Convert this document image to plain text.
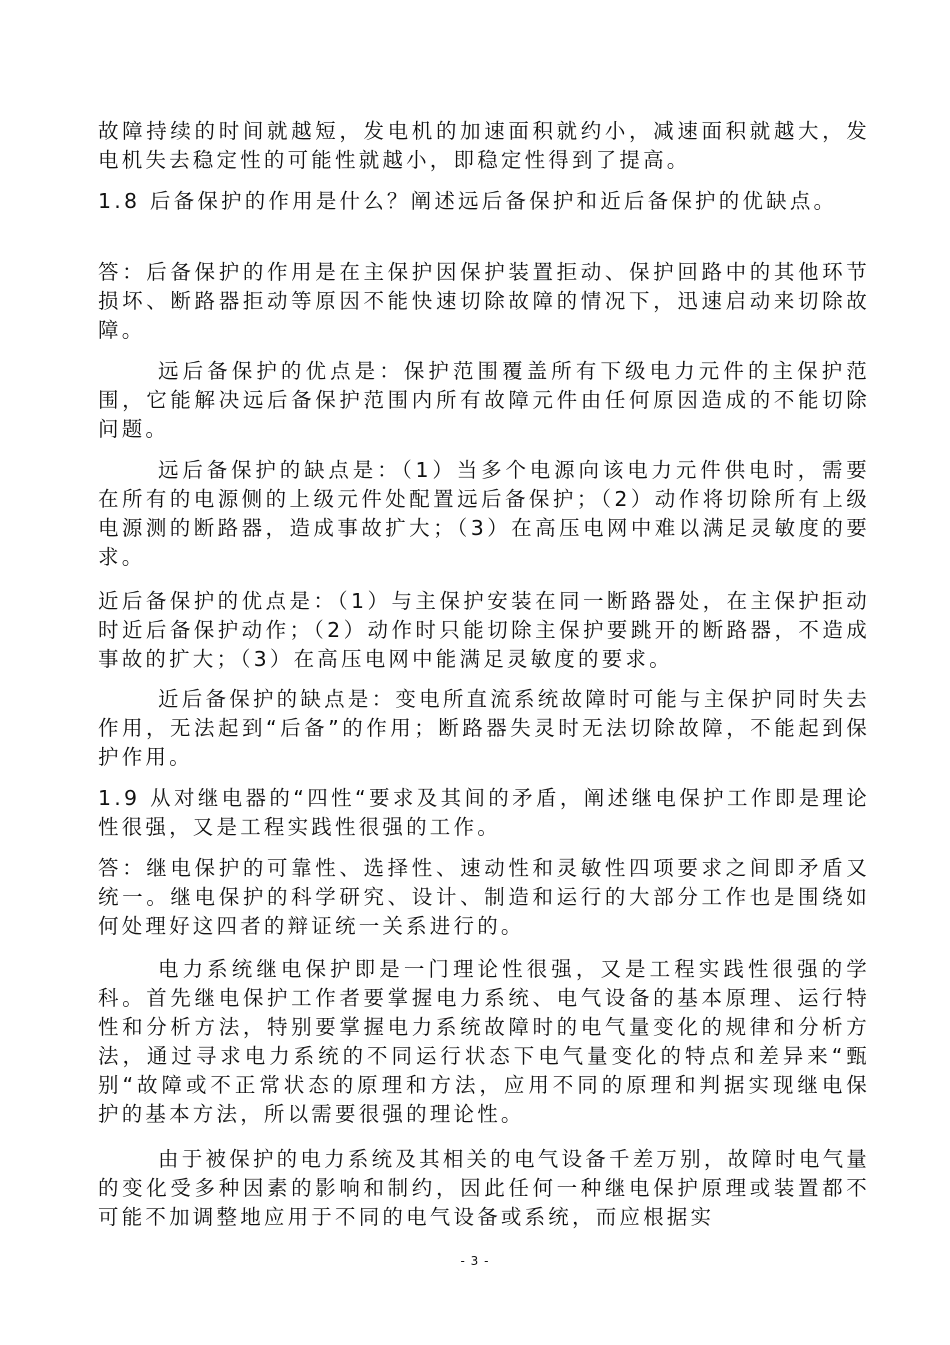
故障持续的时间就越短，发电机的加速面积就约小，减速面积就越大，发电机失去稳定性的可能性就越小，即稳定性得到了提高。

1.8 后备保护的作用是什么？阐述远后备保护和近后备保护的优缺点。

答：后备保护的作用是在主保护因保护装置拒动、保护回路中的其他环节损坏、断路器拒动等原因不能快速切除故障的情况下，迅速启动来切除故障。

远后备保护的优点是：保护范围覆盖所有下级电力元件的主保护范围，它能解决远后备保护范围内所有故障元件由任何原因造成的不能切除问题。

远后备保护的缺点是：（1）当多个电源向该电力元件供电时，需要在所有的电源侧的上级元件处配置远后备保护；（2）动作将切除所有上级电源测的断路器，造成事故扩大；（3）在高压电网中难以满足灵敏度的要求。

近后备保护的优点是：（1）与主保护安装在同一断路器处，在主保护拒动时近后备保护动作；（2）动作时只能切除主保护要跳开的断路器，不造成事故的扩大；（3）在高压电网中能满足灵敏度的要求。

近后备保护的缺点是：变电所直流系统故障时可能与主保护同时失去作用，无法起到“后备”的作用；断路器失灵时无法切除故障，不能起到保护作用。

1.9 从对继电器的“四性“要求及其间的矛盾，阐述继电保护工作即是理论性很强，又是工程实践性很强的工作。

答：继电保护的可靠性、选择性、速动性和灵敏性四项要求之间即矛盾又统一。继电保护的科学研究、设计、制造和运行的大部分工作也是围绕如何处理好这四者的辩证统一关系进行的。

电力系统继电保护即是一门理论性很强，又是工程实践性很强的学科。首先继电保护工作者要掌握电力系统、电气设备的基本原理、运行特性和分析方法，特别要掌握电力系统故障时的电气量变化的规律和分析方法，通过寻求电力系统的不同运行状态下电气量变化的特点和差异来“甄别“故障或不正常状态的原理和方法，应用不同的原理和判据实现继电保护的基本方法，所以需要很强的理论性。

由于被保护的电力系统及其相关的电气设备千差万别，故障时电气量的变化受多种因素的影响和制约，因此任何一种继电保护原理或装置都不可能不加调整地应用于不同的电气设备或系统，而应根据实

- 3 -
